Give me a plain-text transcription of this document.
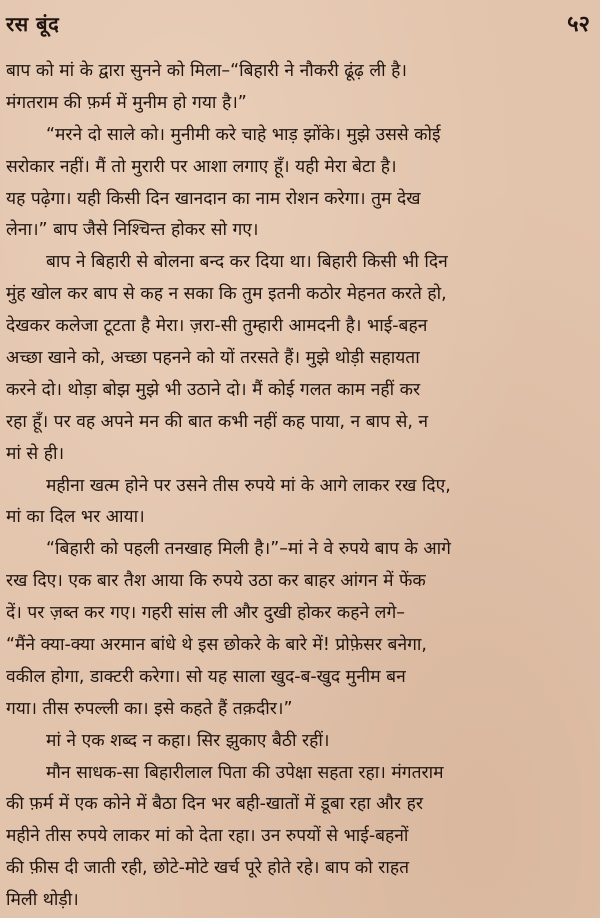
रस बूंद	५२
बाप को मां के द्वारा सुनने को मिला–“बिहारी ने नौकरी ढूंढ़ ली है।
मंगतराम की फ़र्म में मुनीम हो गया है।”
“मरने दो साले को। मुनीमी करे चाहे भाड़ झोंके। मुझे उससे कोई
सरोकार नहीं। मैं तो मुरारी पर आशा लगाए हूँ। यही मेरा बेटा है।
यह पढ़ेगा। यही किसी दिन खानदान का नाम रोशन करेगा। तुम देख
लेना।” बाप जैसे निश्चिन्त होकर सो गए।
बाप ने बिहारी से बोलना बन्द कर दिया था। बिहारी किसी भी दिन
मुंह खोल कर बाप से कह न सका कि तुम इतनी कठोर मेहनत करते हो,
देखकर कलेजा टूटता है मेरा। ज़रा-सी तुम्हारी आमदनी है। भाई-बहन
अच्छा खाने को, अच्छा पहनने को यों तरसते हैं। मुझे थोड़ी सहायता
करने दो। थोड़ा बोझ मुझे भी उठाने दो। मैं कोई गलत काम नहीं कर
रहा हूँ। पर वह अपने मन की बात कभी नहीं कह पाया, न बाप से, न
मां से ही।
महीना खत्म होने पर उसने तीस रुपये मां के आगे लाकर रख दिए,
मां का दिल भर आया।
“बिहारी को पहली तनखाह मिली है।”–मां ने वे रुपये बाप के आगे
रख दिए। एक बार तैश आया कि रुपये उठा कर बाहर आंगन में फेंक
दें। पर ज़ब्त कर गए। गहरी सांस ली और दुखी होकर कहने लगे–
“मैंने क्या-क्या अरमान बांधे थे इस छोकरे के बारे में! प्रोफ़ेसर बनेगा,
वकील होगा, डाक्टरी करेगा। सो यह साला खुद-ब-खुद मुनीम बन
गया। तीस रुपल्ली का। इसे कहते हैं तक़दीर।”
मां ने एक शब्द न कहा। सिर झुकाए बैठी रहीं।
मौन साधक-सा बिहारीलाल पिता की उपेक्षा सहता रहा। मंगतराम
की फ़र्म में एक कोने में बैठा दिन भर बही-खातों में डूबा रहा और हर
महीने तीस रुपये लाकर मां को देता रहा। उन रुपयों से भाई-बहनों
की फ़ीस दी जाती रही, छोटे-मोटे खर्च पूरे होते रहे। बाप को राहत
मिली थोड़ी।
